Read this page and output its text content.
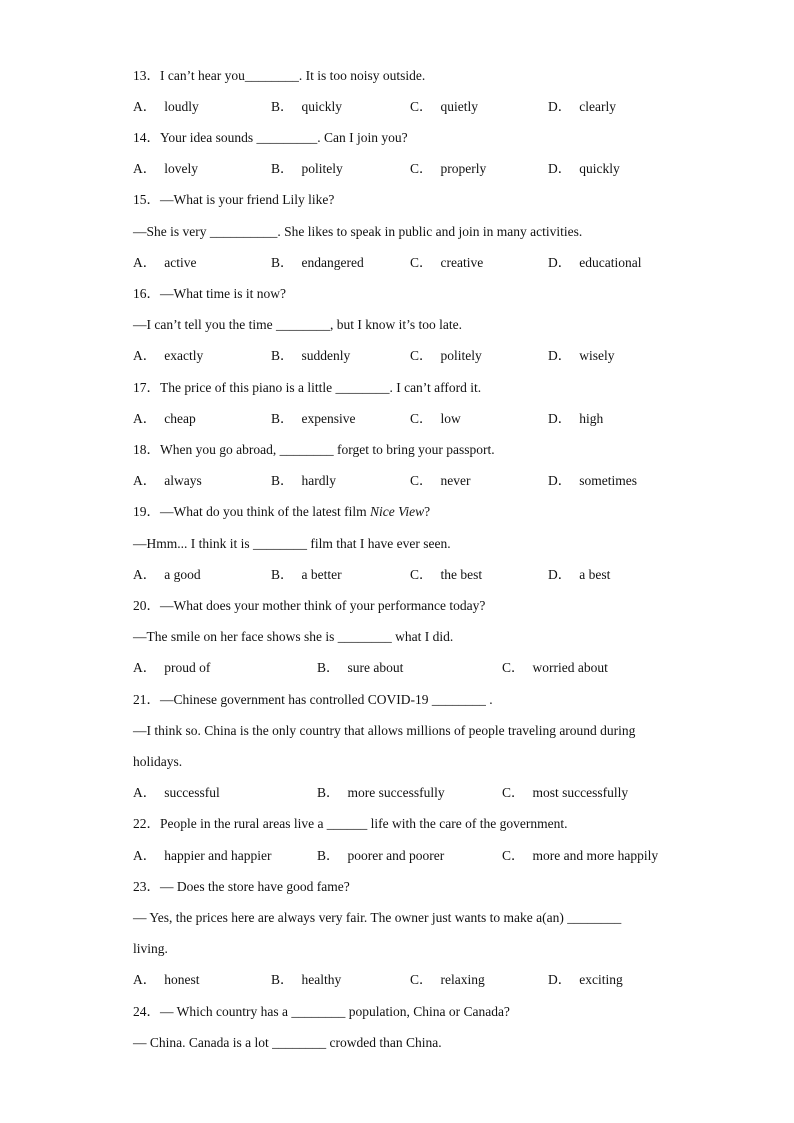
13．I can’t hear you________. It is too noisy outside.
A． loudly	B． quickly	C． quietly	D． clearly
14．Your idea sounds _________. Can I join you?
A． lovely	B． politely	C． properly	D． quickly
15．—What is your friend Lily like?
—She is very __________. She likes to speak in public and join in many activities.
A． active	B． endangered	C． creative	D． educational
16．—What time is it now?
—I can’t tell you the time ________, but I know it’s too late.
A． exactly	B． suddenly	C． politely	D． wisely
17．The price of this piano is a little ________. I can’t afford it.
A． cheap	B． expensive	C． low	D． high
18．When you go abroad, ________ forget to bring your passport.
A． always	B． hardly	C． never	D． sometimes
19．—What do you think of the latest film Nice View?
—Hmm... I think it is ________ film that I have ever seen.
A． a good	B． a better	C． the best	D． a best
20．—What does your mother think of your performance today?
—The smile on her face shows she is ________ what I did.
A． proud of	B． sure about	C． worried about
21．—Chinese government has controlled COVID-19 ________ .
—I think so. China is the only country that allows millions of people traveling around during
holidays.
A． successful	B． more successfully	C． most successfully
22．People in the rural areas live a ______ life with the care of the government.
A． happier and happier	B． poorer and poorer	C． more and more happily
23．— Does the store have good fame?
— Yes, the prices here are always very fair. The owner just wants to make a(an) ________
living.
A． honest	B． healthy	C． relaxing	D． exciting
24．— Which country has a ________ population, China or Canada?
— China. Canada is a lot ________ crowded than China.
